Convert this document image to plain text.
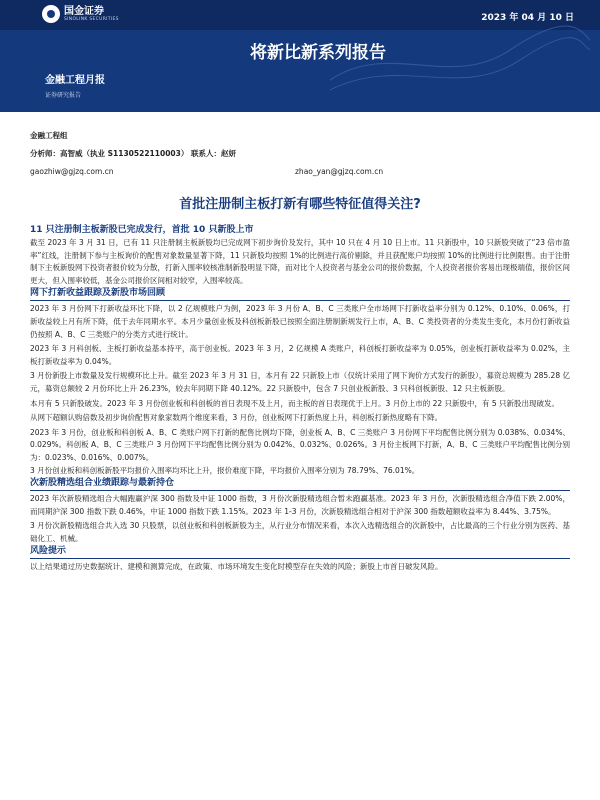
国金证券
SINOLINK SECURITIES	2023 年 04 月 10 日
将新比新系列报告
金融工程月报
证券研究报告
金融工程组
分析师：高智威（执业 S1130522110003） 联系人：赵妍
gaozhiw@gjzq.com.cn	zhao_yan@gjzq.com.cn
首批注册制主板打新有哪些特征值得关注?
11 只注册制主板新股已完成发行，首批 10 只新股上市
截至 2023 年 3 月 31 日，已有 11 只注册制主板新股均已完成网下初步询价及发行，其中 10 只在 4 月 10 日上市。11 只新股中，10 只新股突破了“23 倍市盈率”红线，注册制下参与主板询价的配售对象数量显著下降，11 只新股均按照 1%的比例进行高价剔除，并且获配账户均按照 10%的比例进行比例限售。由于注册制下主板新股网下投资者报价较为分散，打新入围率较核准制新股明显下降，而对比个人投资者与基金公司的报价数据，个人投资者报价客易出现极端值，报价区间更大，但入围率较低，基金公司报价区间相对较窄，入围率较高。
网下打新收益跟踪及新股市场回顾
2023 年 3 月份网下打新收益环比下降，以 2 亿规模账户为例，2023 年 3 月份 A、B、C 三类账户全市场网下打新收益率分别为 0.12%、0.10%、0.06%，打新收益较上月有所下降，低于去年同期水平。本月少量创业板及科创板新股已按照全面注册制新规发行上市，A、B、C 类投资者的分类发生变化，本月份打新收益仍按照 A、B、C 三类账户的分类方式进行统计。
2023 年 3 月科创板、主板打新收益基本持平，高于创业板。2023 年 3 月，2 亿规模 A 类账户，科创板打新收益率为 0.05%，创业板打新收益率为 0.02%，主板打新收益率为 0.04%。
3 月份新股上市数量及发行规模环比上升。截至 2023 年 3 月 31 日，本月有 22 只新股上市（仅统计采用了网下询价方式发行的新股），募资总规模为 285.28 亿元，募资总额较 2 月份环比上升 26.23%，较去年同期下降 40.12%。22 只新股中，包含 7 只创业板新股、3 只科创板新股、12 只主板新股。
本月有 5 只新股破发。2023 年 3 月份创业板和科创板的首日表现不及上月，而主板的首日表现优于上月。3 月份上市的 22 只新股中，有 5 只新股出现破发。
从网下超额认购倍数及初步询价配售对象家数两个维度来看，3 月份，创业板网下打新热度上升，科创板打新热度略有下降。
2023 年 3 月份，创业板和科创板 A、B、C 类账户网下打新的配售比例均下降，创业板 A、B、C 三类账户 3 月份网下平均配售比例分别为 0.038%、0.034%、0.029%。科创板 A、B、C 三类账户 3 月份网下平均配售比例分别为 0.042%、0.032%、0.026%。3 月份主板网下打新，A、B、C 三类账户平均配售比例分别为：0.023%、0.016%、0.007%。
3 月份创业板和科创板新股平均报价入围率均环比上升，报价难度下降，平均报价入围率分别为 78.79%、76.01%。
次新股精选组合业绩跟踪与最新持仓
2023 年次新股精选组合大幅跑赢沪深 300 指数及中证 1000 指数，3 月份次新股精选组合暂未跑赢基准。2023 年 3 月份，次新股精选组合净值下跌 2.00%，而同期沪深 300 指数下跌 0.46%，中证 1000 指数下跌 1.15%。2023 年 1-3 月份，次新股精选组合相对于沪深 300 指数超额收益率为 8.44%、3.75%。
3 月份次新股精选组合共入选 30 只股票，以创业板和科创板新股为主，从行业分布情况来看，本次入选精选组合的次新股中，占比最高的三个行业分别为医药、基础化工、机械。
风险提示
以上结果通过历史数据统计、建模和测算完成，在政策、市场环境发生变化时模型存在失效的风险；新股上市首日破发风险。
